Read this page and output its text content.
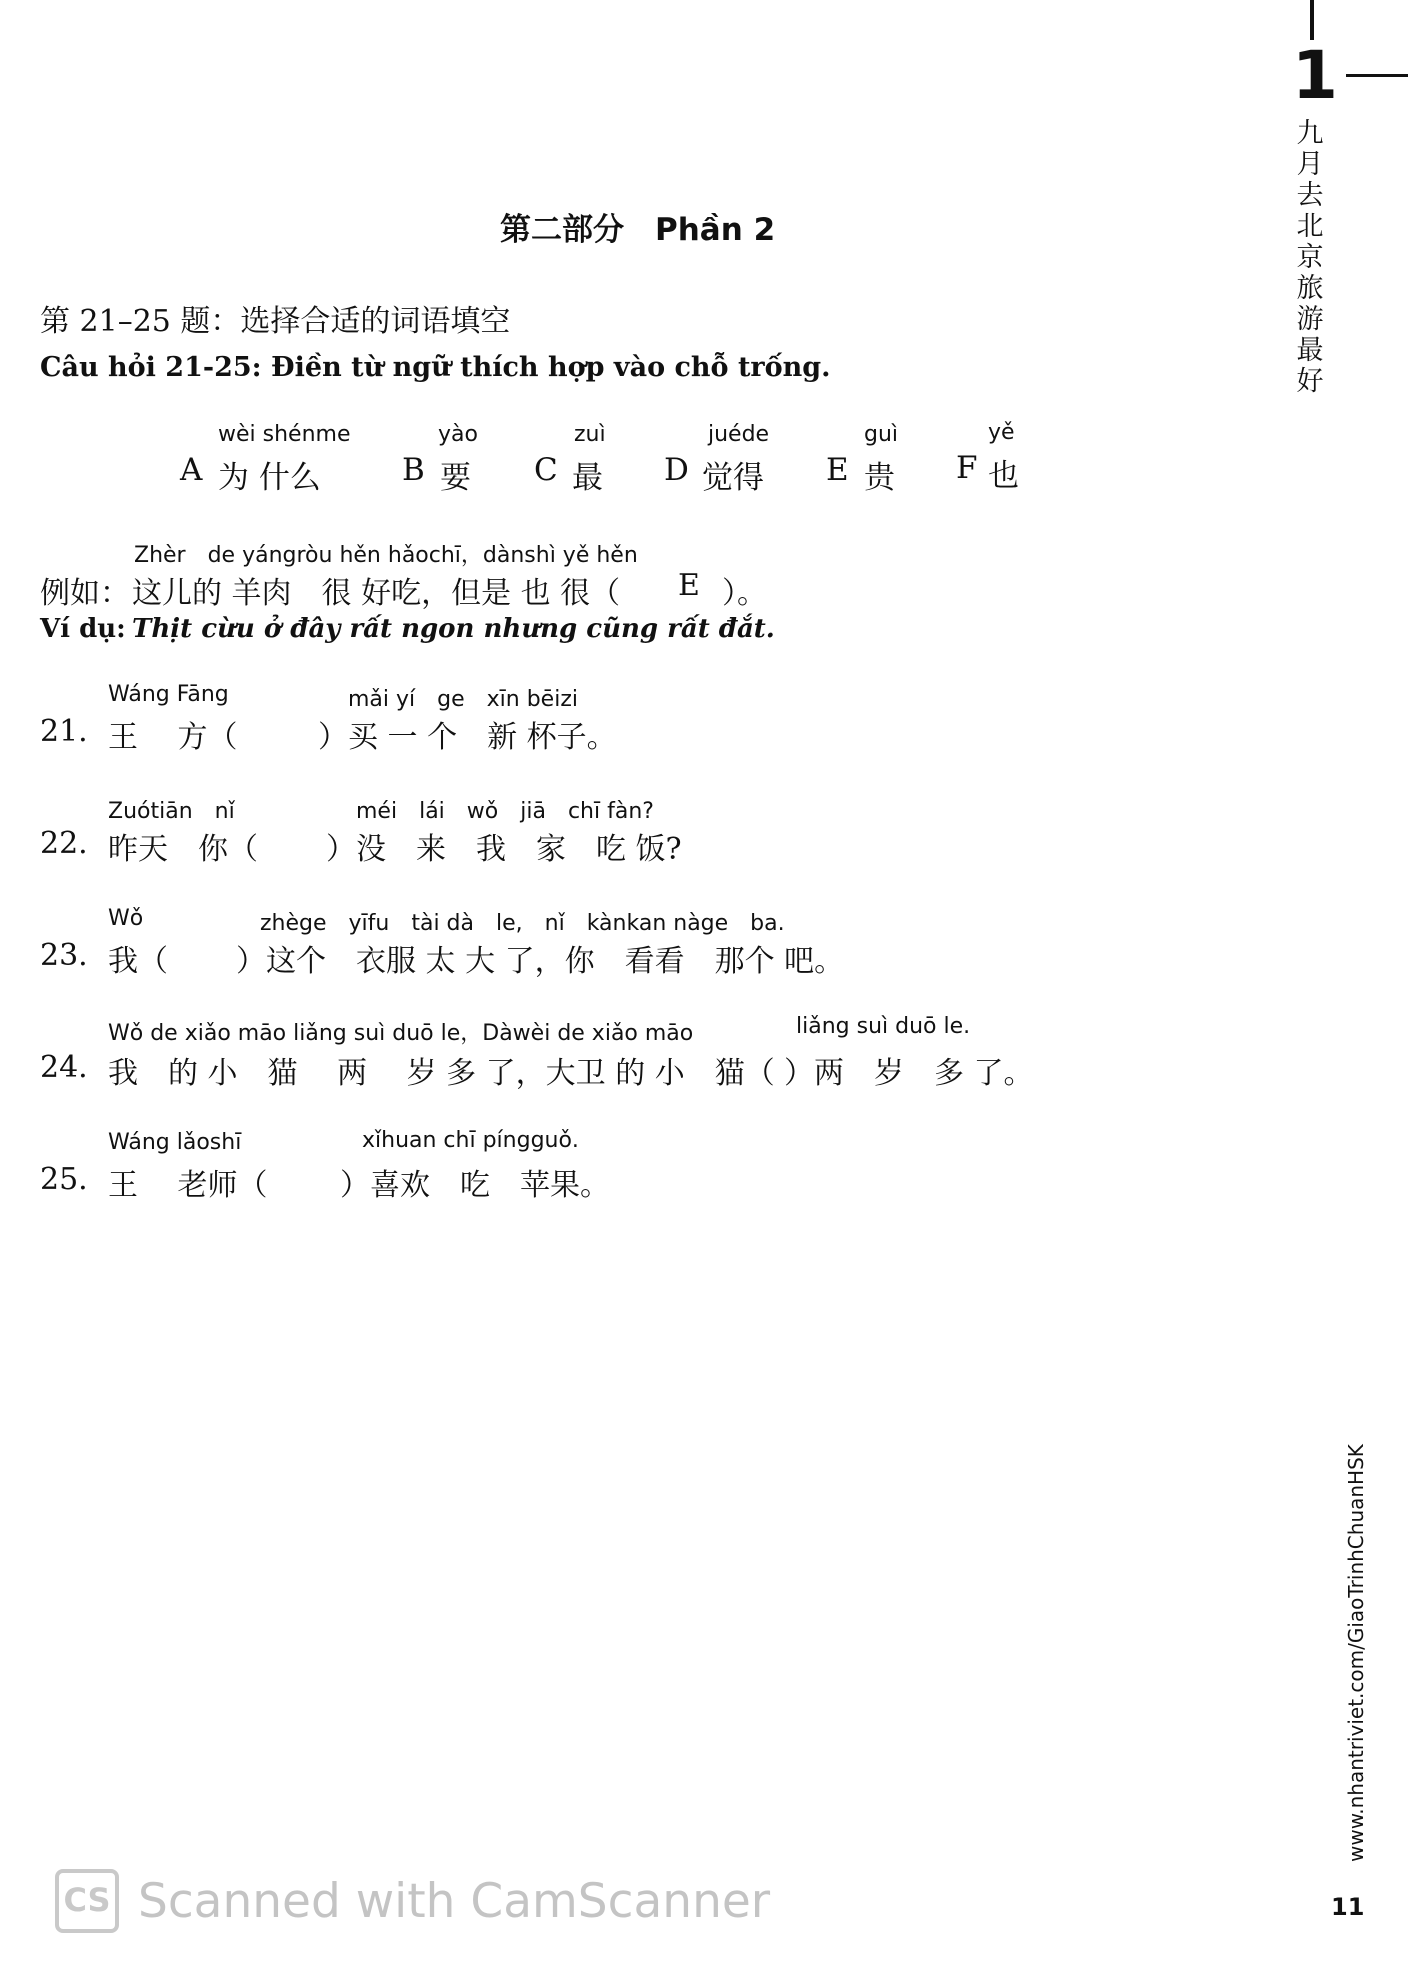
1
九月去北京旅游最好
www.nhantriviet.com/GiaoTrinhChuanHSK
11
第二部分　Phần 2
第 21–25 题：选择合适的词语填空
Câu hỏi 21-25: Điền từ ngữ thích hợp vào chỗ trống.
wèi shénme
A 为 什么
yào
B 要
zuì
C 最
juéde
D 觉得
guì
E 贵
yě
F 也
Zhèr　de yángròu hěn hǎochī，dànshì yě hěn
例如： 这儿的 羊肉　很 好吃，但是 也 很（ E ）。
Ví dụ: Thịt cừu ở đây rất ngon nhưng cũng rất đắt.
Wáng Fāng	mǎi yí　ge　xīn bēizi
21. 王　 方（	）买 一 个　新 杯子。
Zuótiān　nǐ	méi　lái　wǒ　jiā　chī fàn?
22. 昨天　你（ ）没　来　我　家　吃 饭?
Wǒ	zhège　yīfu　tài dà　le,　nǐ　kànkan nàge　ba.
23. 我（ ）这个　衣服 太 大 了，你　看看　那个 吧。
Wǒ de xiǎo māo liǎng suì duō le，Dàwèi de xiǎo māo	liǎng suì duō le.
24. 我　的 小　猫　 两　 岁 多 了，大卫 的 小　猫（ ）两　岁　多 了。
Wáng lǎoshī	xǐhuan chī píngguǒ.
25. 王　 老师（ ）喜欢　吃　苹果。
CS Scanned with CamScanner
